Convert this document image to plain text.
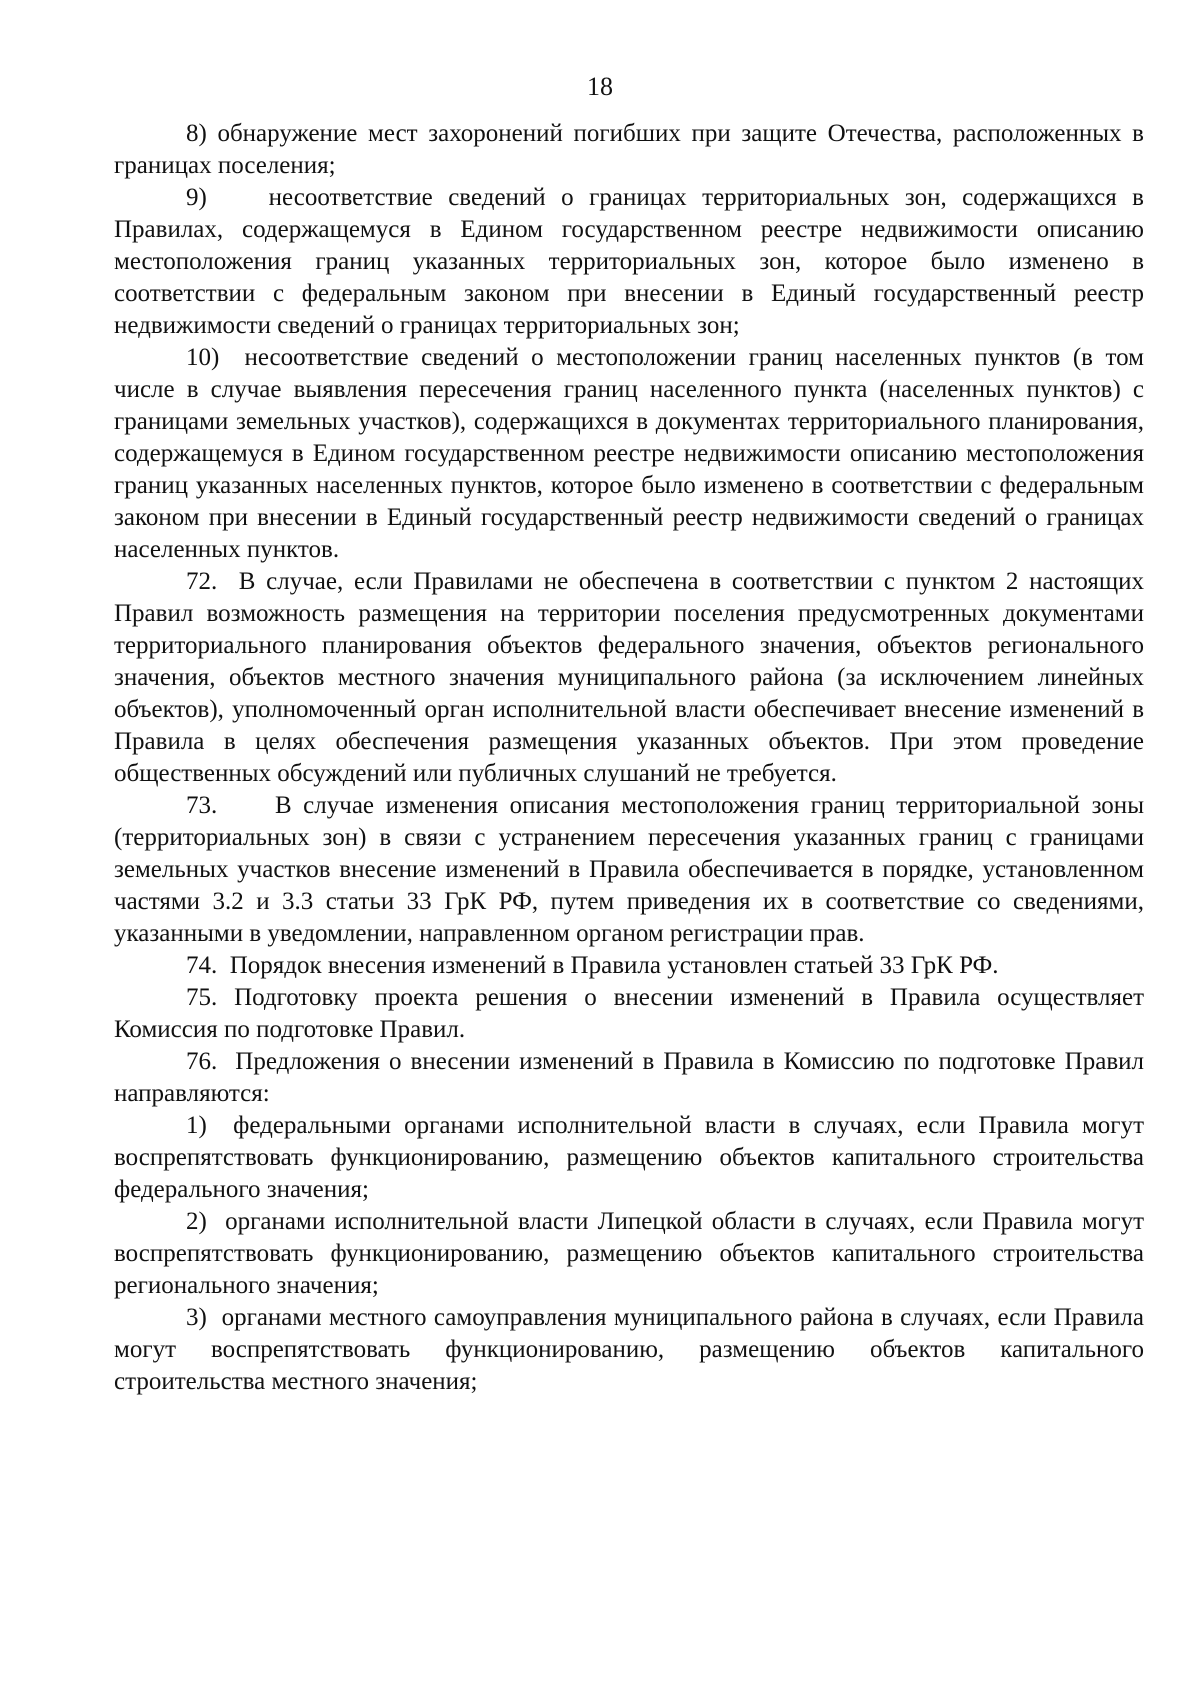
18

8) обнаружение мест захоронений погибших при защите Отечества, расположенных в границах поселения;

9)    несоответствие сведений о границах территориальных зон, содержащихся в Правилах, содержащемуся в Едином государственном реестре недвижимости описанию местоположения границ указанных территориальных зон, которое было изменено в соответствии с федеральным законом при внесении в Единый государственный реестр недвижимости сведений о границах территориальных зон;

10)  несоответствие сведений о местоположении границ населенных пунктов (в том числе в случае выявления пересечения границ населенного пункта (населенных пунктов) с границами земельных участков), содержащихся в документах территориального планирования, содержащемуся в Едином государственном реестре недвижимости описанию местоположения границ указанных населенных пунктов, которое было изменено в соответствии с федеральным законом при внесении в Единый государственный реестр недвижимости сведений о границах населенных пунктов.

72.  В случае, если Правилами не обеспечена в соответствии с пунктом 2 настоящих Правил возможность размещения на территории поселения предусмотренных документами территориального планирования объектов федерального значения, объектов регионального значения, объектов местного значения муниципального района (за исключением линейных объектов), уполномоченный орган исполнительной власти обеспечивает внесение изменений в Правила в целях обеспечения размещения указанных объектов. При этом проведение общественных обсуждений или публичных слушаний не требуется.

73.     В случае изменения описания местоположения границ территориальной зоны (территориальных зон) в связи с устранением пересечения указанных границ с границами земельных участков внесение изменений в Правила обеспечивается в порядке, установленном частями 3.2 и 3.3 статьи 33 ГрК РФ, путем приведения их в соответствие со сведениями, указанными в уведомлении, направленном органом регистрации прав.

74.  Порядок внесения изменений в Правила установлен статьей 33 ГрК РФ.

75. Подготовку проекта решения о внесении изменений в Правила осуществляет Комиссия по подготовке Правил.

76.  Предложения о внесении изменений в Правила в Комиссию по подготовке Правил направляются:

1)  федеральными органами исполнительной власти в случаях, если Правила могут воспрепятствовать функционированию, размещению объектов капитального строительства федерального значения;

2)  органами исполнительной власти Липецкой области в случаях, если Правила могут воспрепятствовать функционированию, размещению объектов капитального строительства регионального значения;

3)  органами местного самоуправления муниципального района в случаях, если Правила могут воспрепятствовать функционированию, размещению объектов капитального строительства местного значения;
